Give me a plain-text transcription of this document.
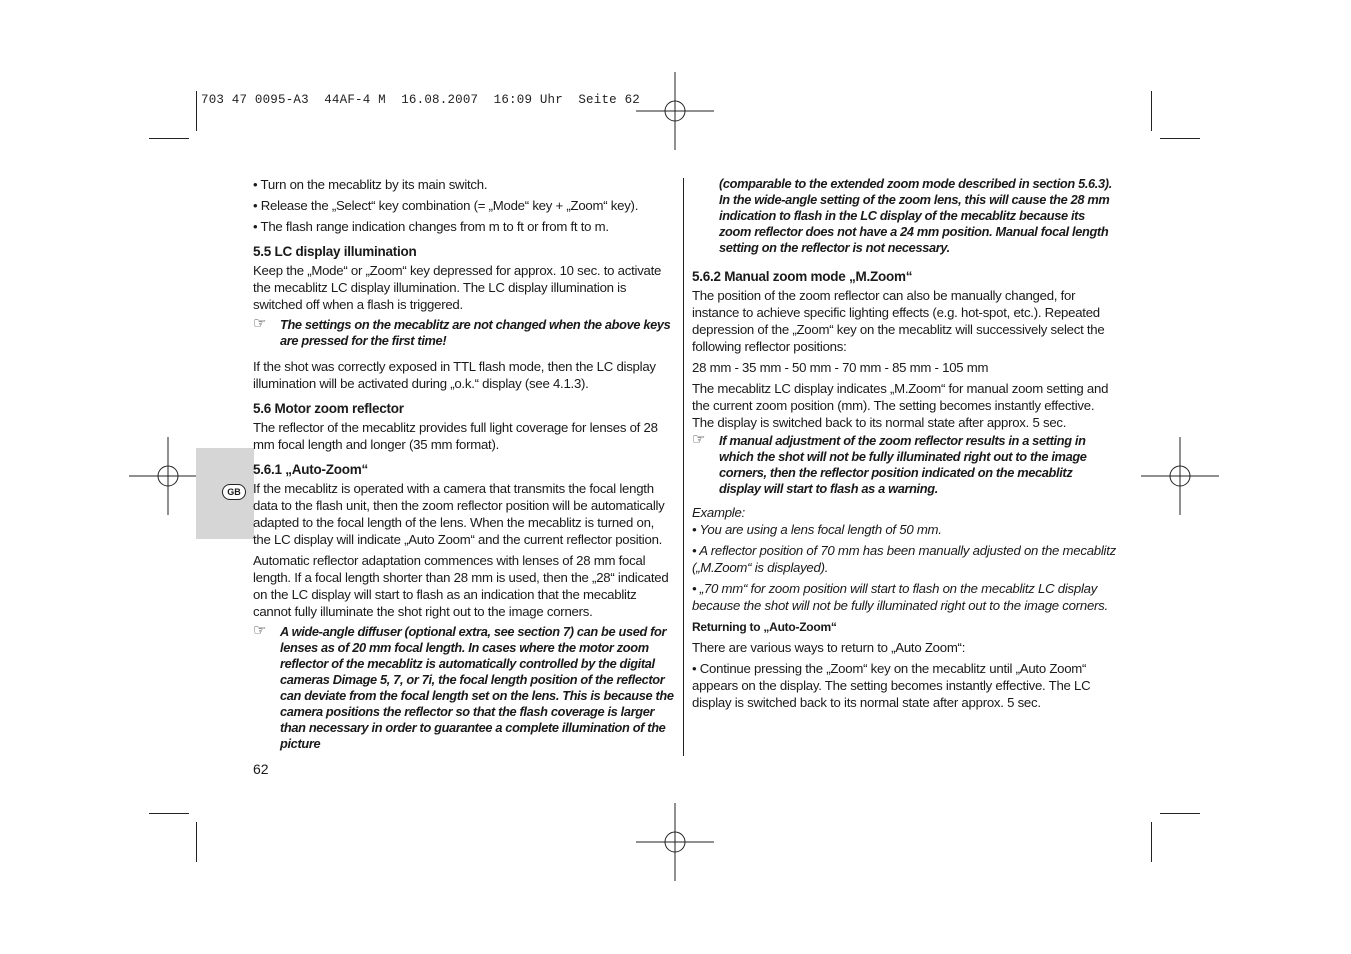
703 47 0095-A3  44AF-4 M  16.08.2007  16:09 Uhr  Seite 62
GB

• Turn on the mecablitz by its main switch.

• Release the „Select“ key combination (= „Mode“ key + „Zoom“ key).

• The flash range indication changes from m to ft or from ft to m.

5.5 LC display illumination

Keep the „Mode“ or „Zoom“ key depressed for approx. 10 sec. to activate the mecablitz LC display illumination. The LC display illumination is switched off when a flash is triggered.

☞ The settings on the mecablitz are not changed when the above keys are pressed for the first time!

If the shot was correctly exposed in TTL flash mode, then the LC display illumination will be activated during „o.k.“ display (see 4.1.3).

5.6 Motor zoom reflector

The reflector of the mecablitz provides full light coverage for lenses of 28 mm focal length and longer (35 mm format).

5.6.1 „Auto-Zoom“

If the mecablitz is operated with a camera that transmits the focal length data to the flash unit, then the zoom reflector position will be automatically adapted to the focal length of the lens. When the mecablitz is turned on, the LC display will indicate „Auto Zoom“ and the current reflector position.

Automatic reflector adaptation commences with lenses of 28 mm focal length. If a focal length shorter than 28 mm is used, then the „28“ indicated on the LC display will start to flash as an indication that the mecablitz cannot fully illuminate the shot right out to the image corners.

☞ A wide-angle diffuser (optional extra, see section 7) can be used for lenses as of 20 mm focal length. In cases where the motor zoom reflector of the mecablitz is automatically controlled by the digital cameras Dimage 5, 7, or 7i, the focal length position of the reflector can deviate from the focal length set on the lens. This is because the camera positions the reflector so that the flash coverage is larger than necessary in order to guarantee a complete illumination of the picture
(comparable to the extended zoom mode described in section 5.6.3). In the wide-angle setting of the zoom lens, this will cause the 28 mm indication to flash in the LC display of the mecablitz because its zoom reflector does not have a 24 mm position. Manual focal length setting on the reflector is not necessary.

5.6.2 Manual zoom mode „M.Zoom“

The position of the zoom reflector can also be manually changed, for instance to achieve specific lighting effects (e.g. hot-spot, etc.). Repeated depression of the „Zoom“ key on the mecablitz will successively select the following reflector positions:

28 mm - 35 mm - 50 mm - 70 mm - 85 mm - 105 mm

The mecablitz LC display indicates „M.Zoom“ for manual zoom setting and the current zoom position (mm). The setting becomes instantly effective. The display is switched back to its normal state after approx. 5 sec.

☞ If manual adjustment of the zoom reflector results in a setting in which the shot will not be fully illuminated right out to the image corners, then the reflector position indicated on the mecablitz display will start to flash as a warning.

Example:

• You are using a lens focal length of 50 mm.

• A reflector position of 70 mm has been manually adjusted on the mecablitz („M.Zoom“ is displayed).

• „70 mm“ for zoom position will start to flash on the mecablitz LC display because the shot will not be fully illuminated right out to the image corners.

Returning to „Auto-Zoom“

There are various ways to return to „Auto Zoom“:

• Continue pressing the „Zoom“ key on the mecablitz until „Auto Zoom“ appears on the display. The setting becomes instantly effective. The LC display is switched back to its normal state after approx. 5 sec.

62
